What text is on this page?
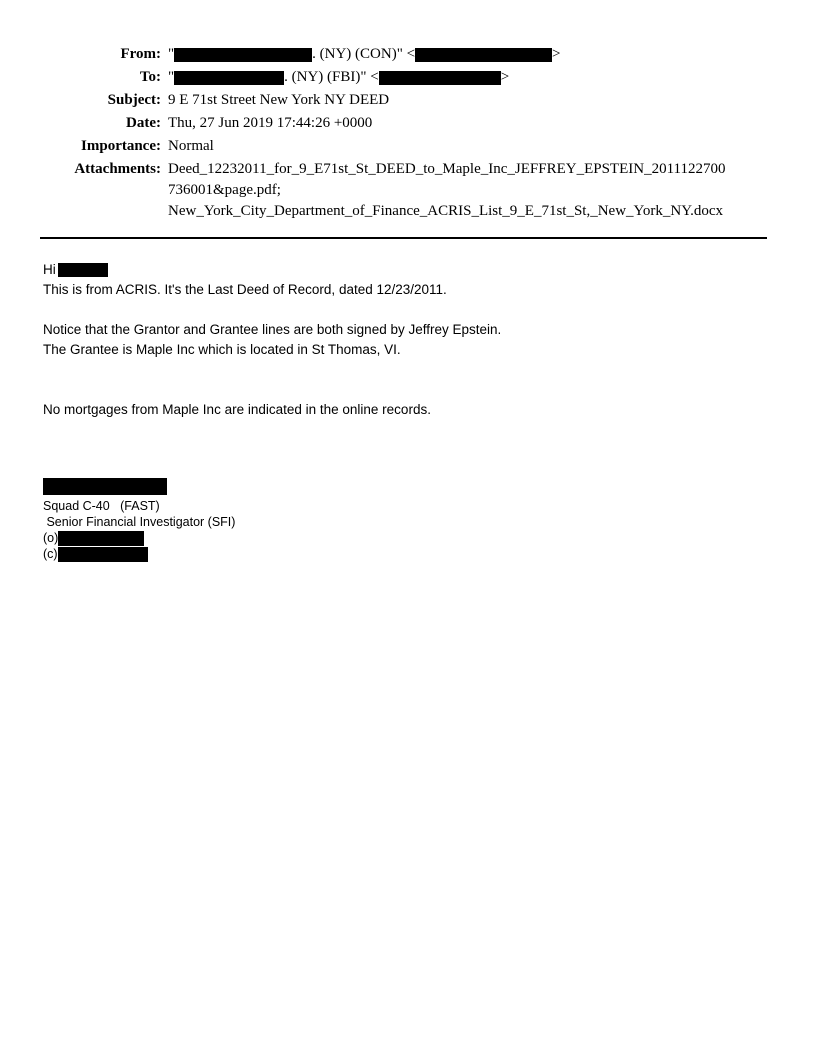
From: "	. (NY) (CON)" <	>
To: "	. (NY) (FBI)" <	>
Subject: 9 E 71st Street New York NY DEED
Date: Thu, 27 Jun 2019 17:44:26 +0000
Importance: Normal
Attachments: Deed_12232011_for_9_E71st_St_DEED_to_Maple_Inc_JEFFREY_EPSTEIN_2011122700
736001&page.pdf;
New_York_City_Department_of_Finance_ACRIS_List_9_E_71st_St,_New_York_NY.docx

Hi

This is from ACRIS. It's the Last Deed of Record, dated 12/23/2011.

Notice that the Grantor and Grantee lines are both signed by Jeffrey Epstein.

The Grantee is Maple Inc which is located in St Thomas, VI.

No mortgages from Maple Inc are indicated in the online records.

Squad C-40   (FAST)
Senior Financial Investigator (SFI)
(o)
(c)
